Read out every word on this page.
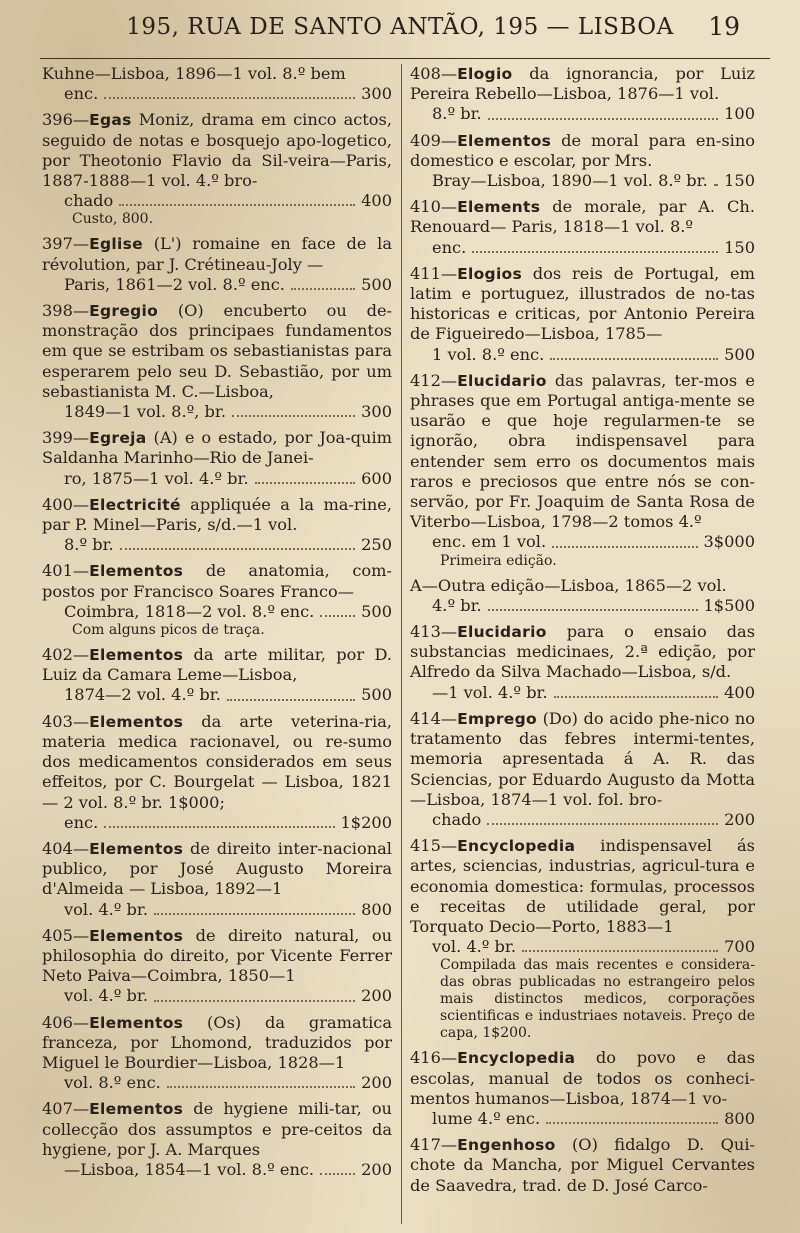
195, RUA DE SANTO ANTÃO, 195 — LISBOA	19
Kuhne—Lisboa, 1896—1 vol. 8.º bem
enc.	300
396—Egas Moniz, drama em cinco actos, seguido de notas e bosquejo apo-logetico, por Theotonio Flavio da Sil-veira—Paris, 1887-1888—1 vol. 4.º bro-
chado	400
Custo, 800.
397—Eglise (L') romaine en face de la révolution, par J. Crétineau-Joly —
Paris, 1861—2 vol. 8.º enc.	500
398—Egregio (O) encuberto ou de-monstração dos principaes fundamentos em que se estribam os sebastianistas para esperarem pelo seu D. Sebastião, por um sebastianista M. C.—Lisboa,
1849—1 vol. 8.º, br.	300
399—Egreja (A) e o estado, por Joa-quim Saldanha Marinho—Rio de Janei-
ro, 1875—1 vol. 4.º br.	600
400—Electricité appliquée a la ma-rine, par P. Minel—Paris, s/d.—1 vol.
8.º br.	250
401—Elementos de anatomia, com-postos por Francisco Soares Franco—
Coimbra, 1818—2 vol. 8.º enc.	500
Com alguns picos de traça.
402—Elementos da arte militar, por D. Luiz da Camara Leme—Lisboa,
1874—2 vol. 4.º br.	500
403—Elementos da arte veterina-ria, materia medica racionavel, ou re-sumo dos medicamentos considerados em seus effeitos, por C. Bourgelat — Lisboa, 1821 — 2 vol. 8.º br. 1$000;
enc.	1$200
404—Elementos de direito inter-nacional publico, por José Augusto Moreira d'Almeida — Lisboa, 1892—1
vol. 4.º br.	800
405—Elementos de direito natural, ou philosophia do direito, por Vicente Ferrer Neto Paiva—Coimbra, 1850—1
vol. 4.º br.	200
406—Elementos (Os) da gramatica franceza, por Lhomond, traduzidos por Miguel le Bourdier—Lisboa, 1828—1
vol. 8.º enc.	200
407—Elementos de hygiene mili-tar, ou collecção dos assumptos e pre-ceitos da hygiene, por J. A. Marques
—Lisboa, 1854—1 vol. 8.º enc.	200
408—Elogio da ignorancia, por Luiz Pereira Rebello—Lisboa, 1876—1 vol.
8.º br.	100
409—Elementos de moral para en-sino domestico e escolar, por Mrs.
Bray—Lisboa, 1890—1 vol. 8.º br. 150
410—Elements de morale, par A. Ch. Renouard— Paris, 1818—1 vol. 8.º
enc.	150
411—Elogios dos reis de Portugal, em latim e portuguez, illustrados de no-tas historicas e criticas, por Antonio Pereira de Figueiredo—Lisboa, 1785—
1 vol. 8.º enc.	500
412—Elucidario das palavras, ter-mos e phrases que em Portugal antiga-mente se usarão e que hoje regularmen-te se ignorão, obra indispensavel para entender sem erro os documentos mais raros e preciosos que entre nós se con-servão, por Fr. Joaquim de Santa Rosa de Viterbo—Lisboa, 1798—2 tomos 4.º
enc. em 1 vol.	3$000
Primeira edição.
A—Outra edição—Lisboa, 1865—2 vol.
4.º br.	1$500
413—Elucidario para o ensaio das substancias medicinaes, 2.ª edição, por Alfredo da Silva Machado—Lisboa, s/d.
—1 vol. 4.º br.	400
414—Emprego (Do) do acido phe-nico no tratamento das febres intermi-tentes, memoria apresentada á A. R. das Sciencias, por Eduardo Augusto da Motta—Lisboa, 1874—1 vol. fol. bro-
chado	200
415—Encyclopedia indispensavel ás artes, sciencias, industrias, agricul-tura e economia domestica: formulas, processos e receitas de utilidade geral, por Torquato Decio—Porto, 1883—1
vol. 4.º br.	700
Compilada das mais recentes e considera-das obras publicadas no estrangeiro pelos mais distinctos medicos, corporações scientificas e industriaes notaveis. Preço de capa, 1$200.
416—Encyclopedia do povo e das escolas, manual de todos os conheci-mentos humanos—Lisboa, 1874—1 vo-
lume 4.º enc.	800
417—Engenhoso (O) fidalgo D. Qui-chote da Mancha, por Miguel Cervantes de Saavedra, trad. de D. José Carco-
